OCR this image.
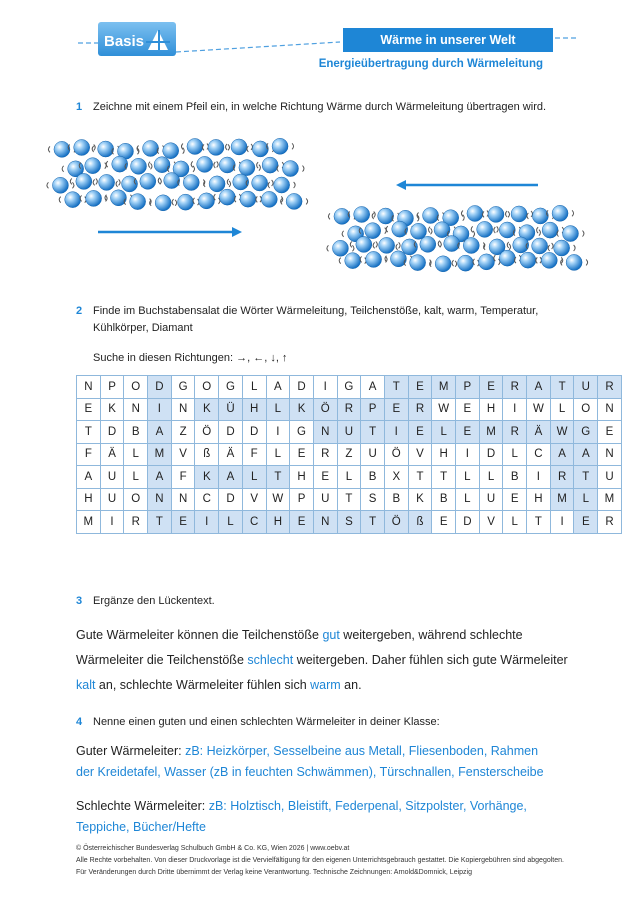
Basis	Wärme in unserer Welt
Energieübertragung durch Wärmeleitung
1 Zeichne mit einem Pfeil ein, in welche Richtung Wärme durch Wärmeleitung übertragen wird.
2 Finde im Buchstabensalat die Wörter Wärmeleitung, Teilchenstöße, kalt, warm, Temperatur,
Kühlkörper, Diamant
Suche in diesen Richtungen: →, ←, ↓, ↑
N	P	O	D	G	O	G	L	A	D	I	G	A	T	E	M	P	E	R	A	T	U	R
E	K	N	I	N	K	Ü	H	L	K	Ö	R	P	E	R	W	E	H	I	W	L	O	N
T	D	B	A	Z	Ö	D	D	I	G	N	U	T	I	E	L	E	M	R	Ä	W	G	E
F	Ä	L	M	V	ß	Ä	F	L	E	R	Z	U	Ö	V	H	I	D	L	C	A	A	N
A	U	L	A	F	K	A	L	T	H	E	L	B	X	T	T	L	L	B	I	R	T	U
H	U	O	N	N	C	D	V	W	P	U	T	S	B	K	B	L	U	E	H	M	L	M
M	I	R	T	E	I	L	C	H	E	N	S	T	Ö	ß	E	D	V	L	T	I	E	R
3 Ergänze den Lückentext.
Gute Wärmeleiter können die Teilchenstöße gut weitergeben, während schlechte
Wärmeleiter die Teilchenstöße schlecht weitergeben. Daher fühlen sich gute Wärmeleiter
kalt an, schlechte Wärmeleiter fühlen sich warm an.
4 Nenne einen guten und einen schlechten Wärmeleiter in deiner Klasse:
Guter Wärmeleiter: zB: Heizkörper, Sesselbeine aus Metall, Fliesenboden, Rahmen der Kreidetafel, Wasser (zB in feuchten Schwämmen), Türschnallen, Fensterscheibe
Schlechte Wärmeleiter: zB: Holztisch, Bleistift, Federpenal, Sitzpolster, Vorhänge, Teppiche, Bücher/Hefte
© Österreichischer Bundesverlag Schulbuch GmbH & Co. KG, Wien 2026 | www.oebv.at
Alle Rechte vorbehalten. Von dieser Druckvorlage ist die Vervielfältigung für den eigenen Unterrichtsgebrauch gestattet. Die Kopiergebühren sind abgegolten.
Für Veränderungen durch Dritte übernimmt der Verlag keine Verantwortung. Technische Zeichnungen: Arnold&Domnick, Leipzig
